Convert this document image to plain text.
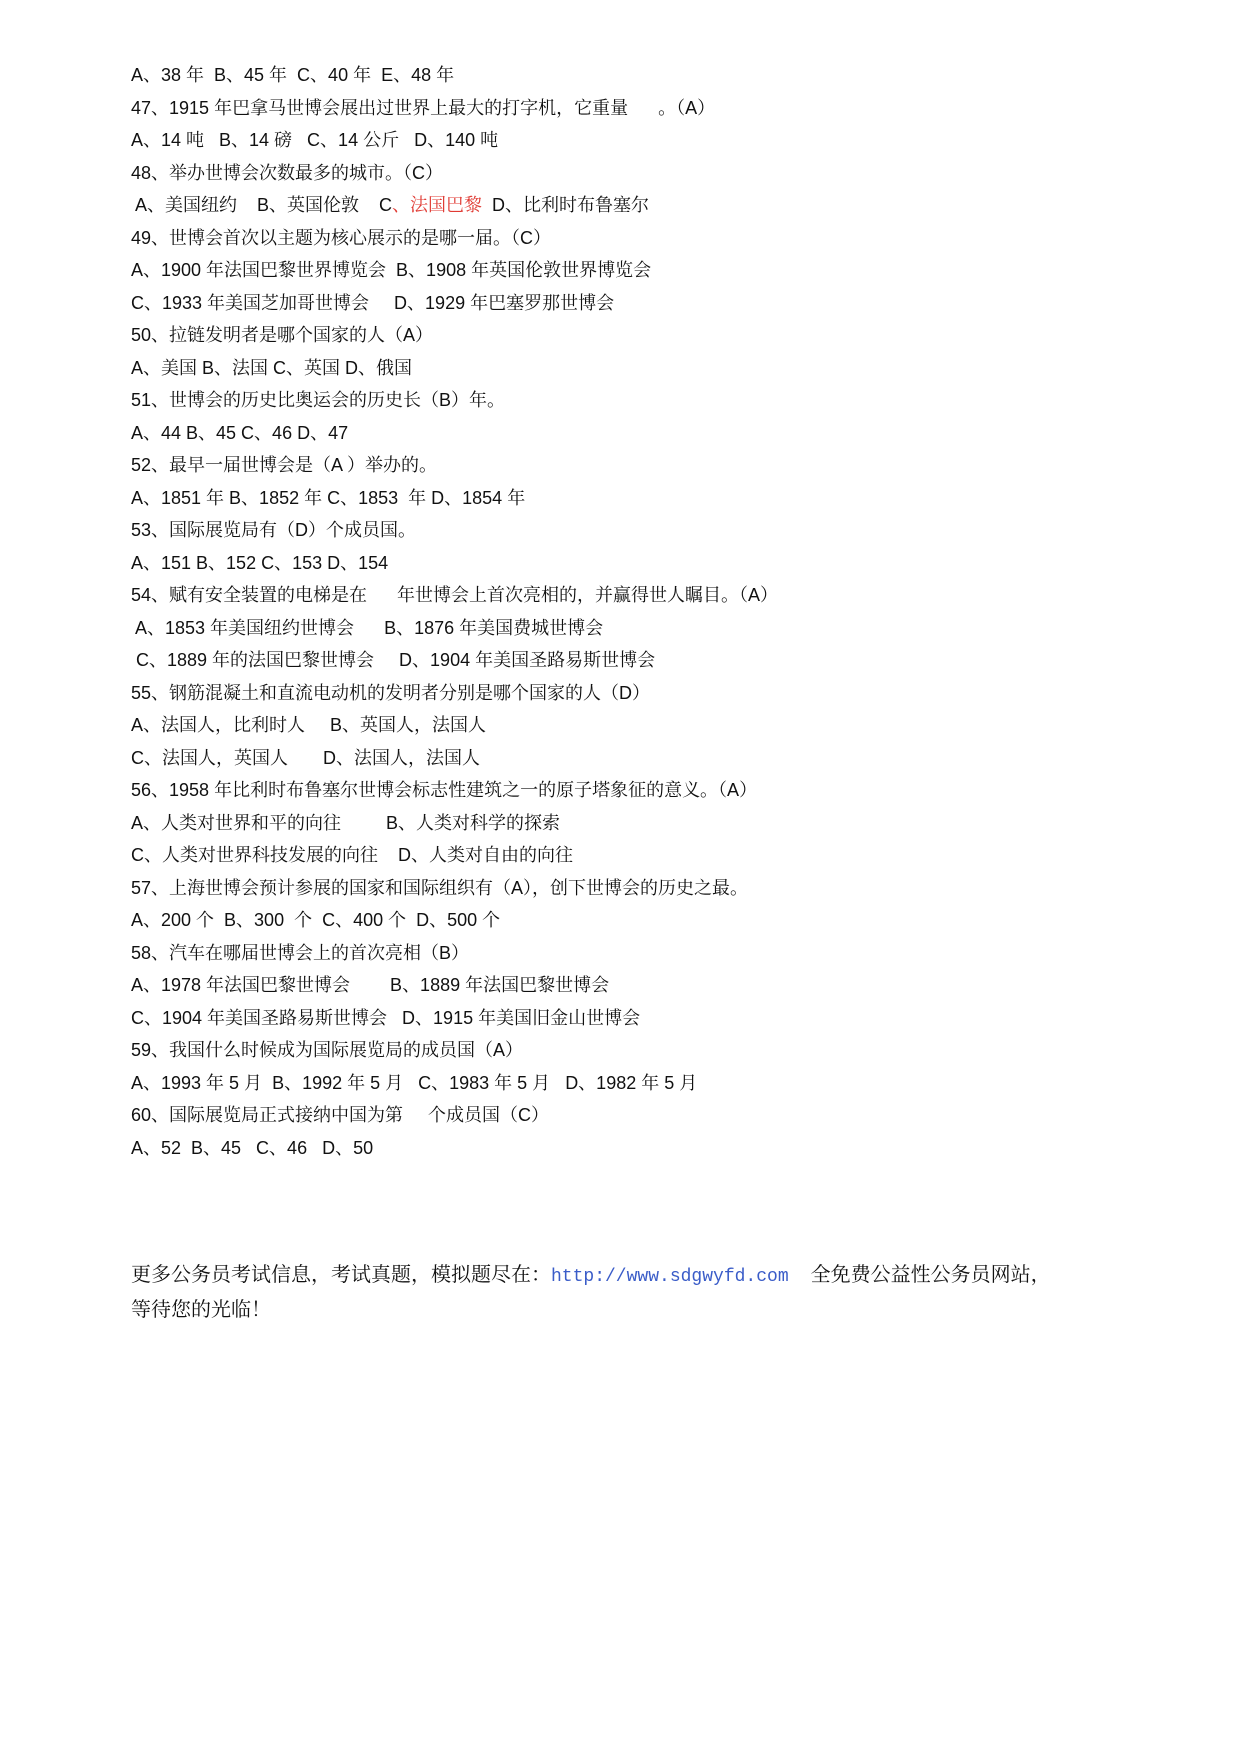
A、38 年  B、45 年  C、40 年  E、48 年
47、1915 年巴拿马世博会展出过世界上最大的打字机，它重量      。（A）
A、14 吨   B、14 磅   C、14 公斤   D、140 吨
48、举办世博会次数最多的城市。（C）
A、美国纽约    B、英国伦敦    C、法国巴黎  D、比利时布鲁塞尔
49、世博会首次以主题为核心展示的是哪一届。（C）
A、1900 年法国巴黎世界博览会  B、1908 年英国伦敦世界博览会
C、1933 年美国芝加哥世博会     D、1929 年巴塞罗那世博会
50、拉链发明者是哪个国家的人（A）
A、美国 B、法国 C、英国 D、俄国
51、世博会的历史比奥运会的历史长（B）年。
A、44 B、45 C、46 D、47
52、最早一届世博会是（A ）举办的。
A、1851 年 B、1852 年 C、1853  年 D、1854 年
53、国际展览局有（D）个成员国。
A、151 B、152 C、153 D、154
54、赋有安全装置的电梯是在      年世博会上首次亮相的，并赢得世人瞩目。（A）
A、1853 年美国纽约世博会      B、1876 年美国费城世博会
C、1889 年的法国巴黎世博会     D、1904 年美国圣路易斯世博会
55、钢筋混凝土和直流电动机的发明者分别是哪个国家的人（D）
A、法国人，比利时人     B、英国人，法国人
C、法国人，英国人       D、法国人，法国人
56、1958 年比利时布鲁塞尔世博会标志性建筑之一的原子塔象征的意义。（A）
A、人类对世界和平的向往         B、人类对科学的探索
C、人类对世界科技发展的向往    D、人类对自由的向往
57、上海世博会预计参展的国家和国际组织有（A），创下世博会的历史之最。
A、200 个  B、300  个  C、400 个  D、500 个
58、汽车在哪届世博会上的首次亮相（B）
A、1978 年法国巴黎世博会        B、1889 年法国巴黎世博会
C、1904 年美国圣路易斯世博会   D、1915 年美国旧金山世博会
59、我国什么时候成为国际展览局的成员国（A）
A、1993 年 5 月  B、1992 年 5 月   C、1983 年 5 月   D、1982 年 5 月
60、国际展览局正式接纳中国为第     个成员国（C）
A、52  B、45   C、46   D、50
更多公务员考试信息，考试真题，模拟题尽在：http://www.sdgwyfd.com 全免费公益性公务员网站，
等待您的光临！
